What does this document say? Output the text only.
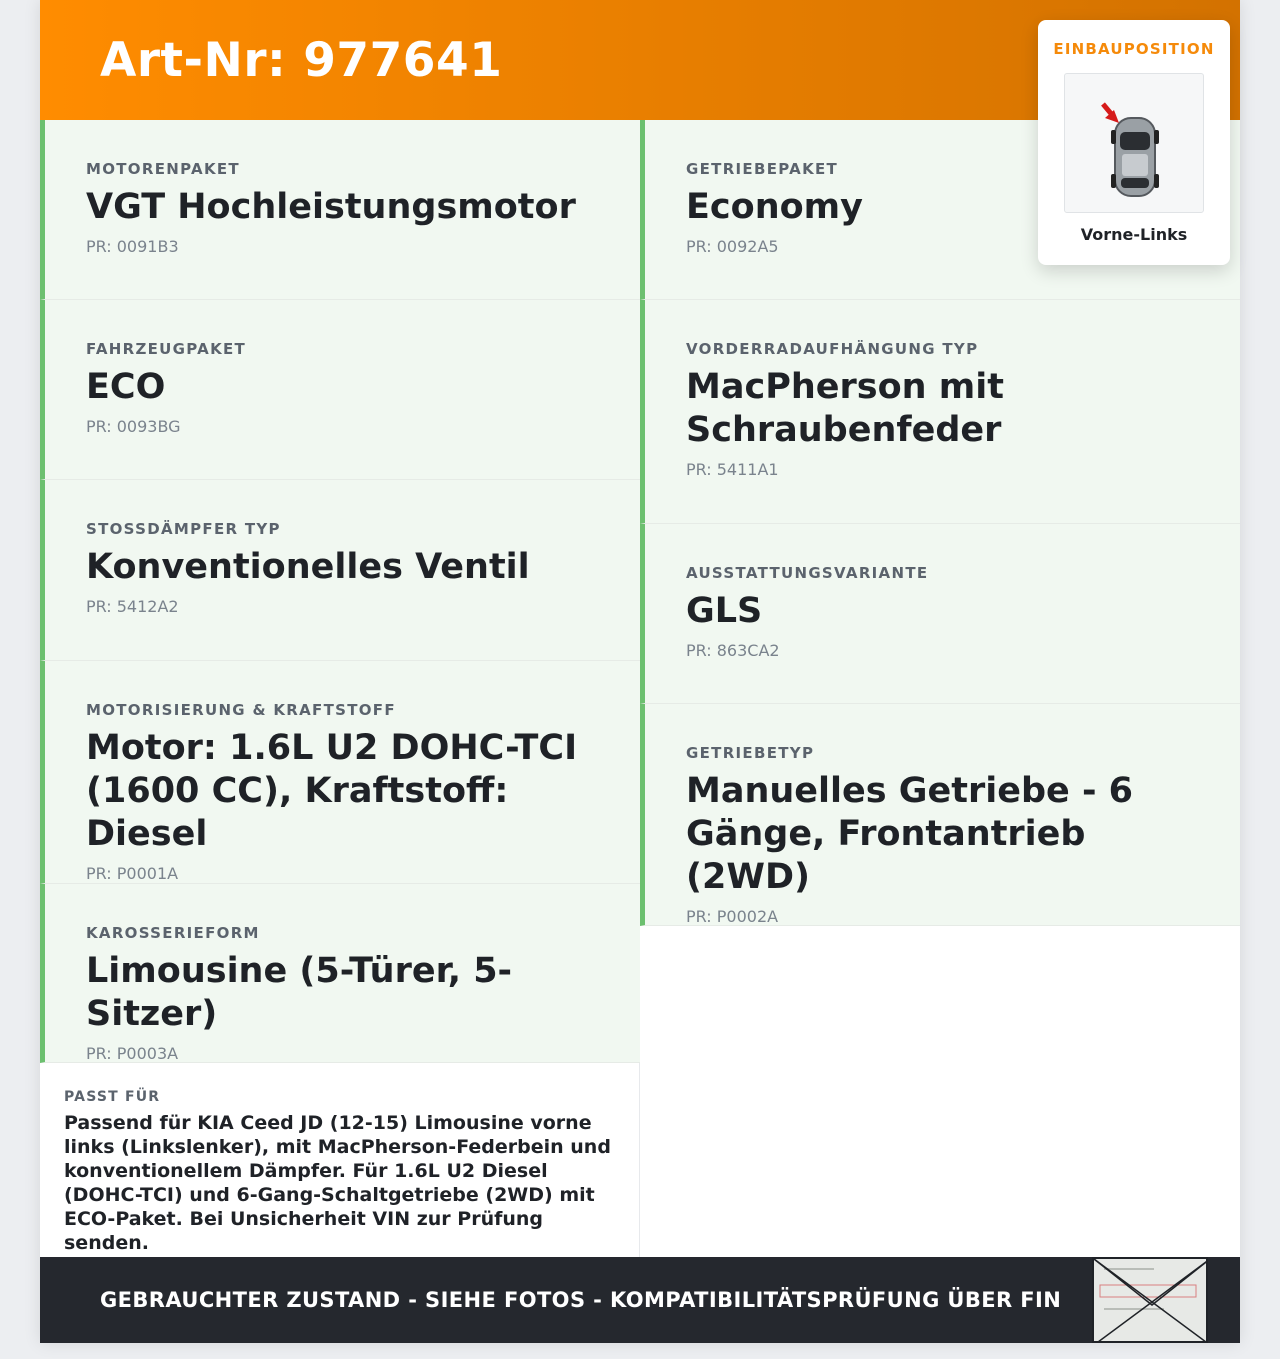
Art-Nr: 977641
MOTORENPAKET
VGT Hochleistungsmotor
PR: 0091B3
FAHRZEUGPAKET
ECO
PR: 0093BG
STOSSDÄMPFER TYP
Konventionelles Ventil
PR: 5412A2
MOTORISIERUNG & KRAFTSTOFF
Motor: 1.6L U2 DOHC-TCI (1600 CC), Kraftstoff: Diesel
PR: P0001A
KAROSSERIEFORM
Limousine (5-Türer, 5-Sitzer)
PR: P0003A
GETRIEBEPAKET
Economy
PR: 0092A5
VORDERRADAUFHÄNGUNG TYP
MacPherson mit Schraubenfeder
PR: 5411A1
AUSSTATTUNGSVARIANTE
GLS
PR: 863CA2
GETRIEBETYP
Manuelles Getriebe - 6 Gänge, Frontantrieb (2WD)
PR: P0002A
PASST FÜR
Passend für KIA Ceed JD (12-15) Limousine vorne links (Linkslenker), mit MacPherson-Federbein und konventionellem Dämpfer. Für 1.6L U2 Diesel (DOHC-TCI) und 6-Gang-Schaltgetriebe (2WD) mit ECO-Paket. Bei Unsicherheit VIN zur Prüfung senden.
GEBRAUCHTER ZUSTAND - SIEHE FOTOS - KOMPATIBILITÄTSPRÜFUNG ÜBER FIN
EINBAUPOSITION
Vorne-Links
